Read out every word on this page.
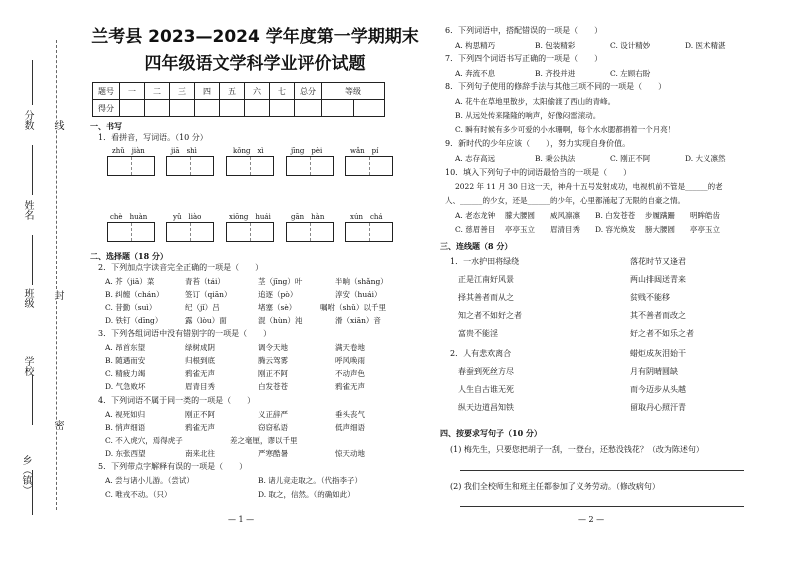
分数 线
姓名
封
班级
学校
密
乡（镇）
兰考县 2023—2024 学年度第一学期期末
四年级语文学科学业评价试题
题号	一	二	三	四	五	六	七	总分	等级	
得分										
一、书写
1．看拼音，写词语。（10 分）
zhǔ　jiàn	jiā　shì	kǒng　xì	jīng　pèi	wǎn　pí
chè　huàn	yǔ　liào	xiōng　huái	gān　hàn	xún　chá
二、选择题（18 分）
2．下列加点字读音完全正确的一项是（　　）
A. 芥（jiā）菜	青苔（tái）	茎（jīng）叶	半晌（shǎng）
B. 纠缠（chán）	签订（qiān）	追逐（pò）	淳安（huái）
C. 昔勤（suì）	纪（jǐ）吕	堵塞（sè）	嘱咐（shǔ）以千里
D. 铁钉（dīng）	露（lòu）面	混（hùn）沌	滑（xiān）音
3．下列各组词语中没有错别字的一项是（　　）
A. 昂首东望	绿树成阴	调令天地	满天卷地
B. 随遇而安	归根到底	腾云驾雾	呼风唤雨
C. 精疲力竭	鸦雀无声	刚正不阿	不动声色
D. 气急败坏	眉青目秀	白发苍苍	鸦雀无声
4．下列词语不属于同一类的一项是（　　）
A. 视死如归	刚正不阿	义正辞严	垂头丧气
B. 悄声细语	鸦雀无声	窃窃私语	低声细语
C. 不入虎穴，焉得虎子	差之毫厘，谬以千里
D. 东张西望	南来北往	严寒酷暑	惊天动地
5．下列带点字解释有误的一项是（　　）
A. 尝与诸小儿游。（尝试）	B. 诸儿竞走取之。（代指李子）
C. 唯戎不动。（只）	D. 取之，信然。（的确如此）
— 1 —
6．下列词语中，搭配错误的一项是（　　）
A. 构思精巧	B. 包装精彩	C. 设计精妙	D. 医术精湛
7．下列四个词语书写正确的一项是（　　）
A. 奔流不息	B. 齐投并进	C. 左顾右盼
8．下列句子使用的修辞手法与其他三项不同的一项是（　　）
A. 花牛在草地里散步，太阳偷渡了西山的青峰。
B. 从远处传来隆隆的响声，好像闷雷滚动。
C. 瞬有时候有多少可爱的小水珊啊，每个水水腮都捐着一个月亮！
9．新时代的少年应该（　　），努力实现自身价值。
A. 志存高远	B. 秉公执法	C. 刚正不阿	D. 大义凛然
10．填入下列句子中的词语最恰当的一项是（　　）
2022 年 11 月 30 日这一天，神舟十五号发射成功，电视机前不管是______的老
人、______的少女，还是______的少年，心里都涌起了无限的自豪之情。
A. 老态龙钟 朦大腰圆 威风凛凛 B. 白发苍苍 步履蹒跚 明眸皓齿
C. 慈眉善目 亭亭玉立 眉清目秀 D. 容光焕发 膀大腰圆 亭亭玉立
三、连线题（8 分）
1．一水护田将绿绕
　正是江南好风景
　择其善者而从之
　知之者不如好之者
　富贵不能淫
落花时节又逢君
两山排闼送青来
贫贱不能移
其不善者而改之
好之者不如乐之者
2．人有悲欢离合
　春蚕到死丝方尽
　人生自古谁无死
　纵天边道昌知铁
蜡炬成灰泪始干
月有阴晴圆缺
而今迈步从头越
留取丹心照汗青
四、按要求写句子（10 分）
(1) 梅先生，只要您把胡子一刮，一登台，还愁没钱花？（改为陈述句）
(2) 我们全校师生和班主任都参加了义务劳动。（修改病句）
— 2 —
